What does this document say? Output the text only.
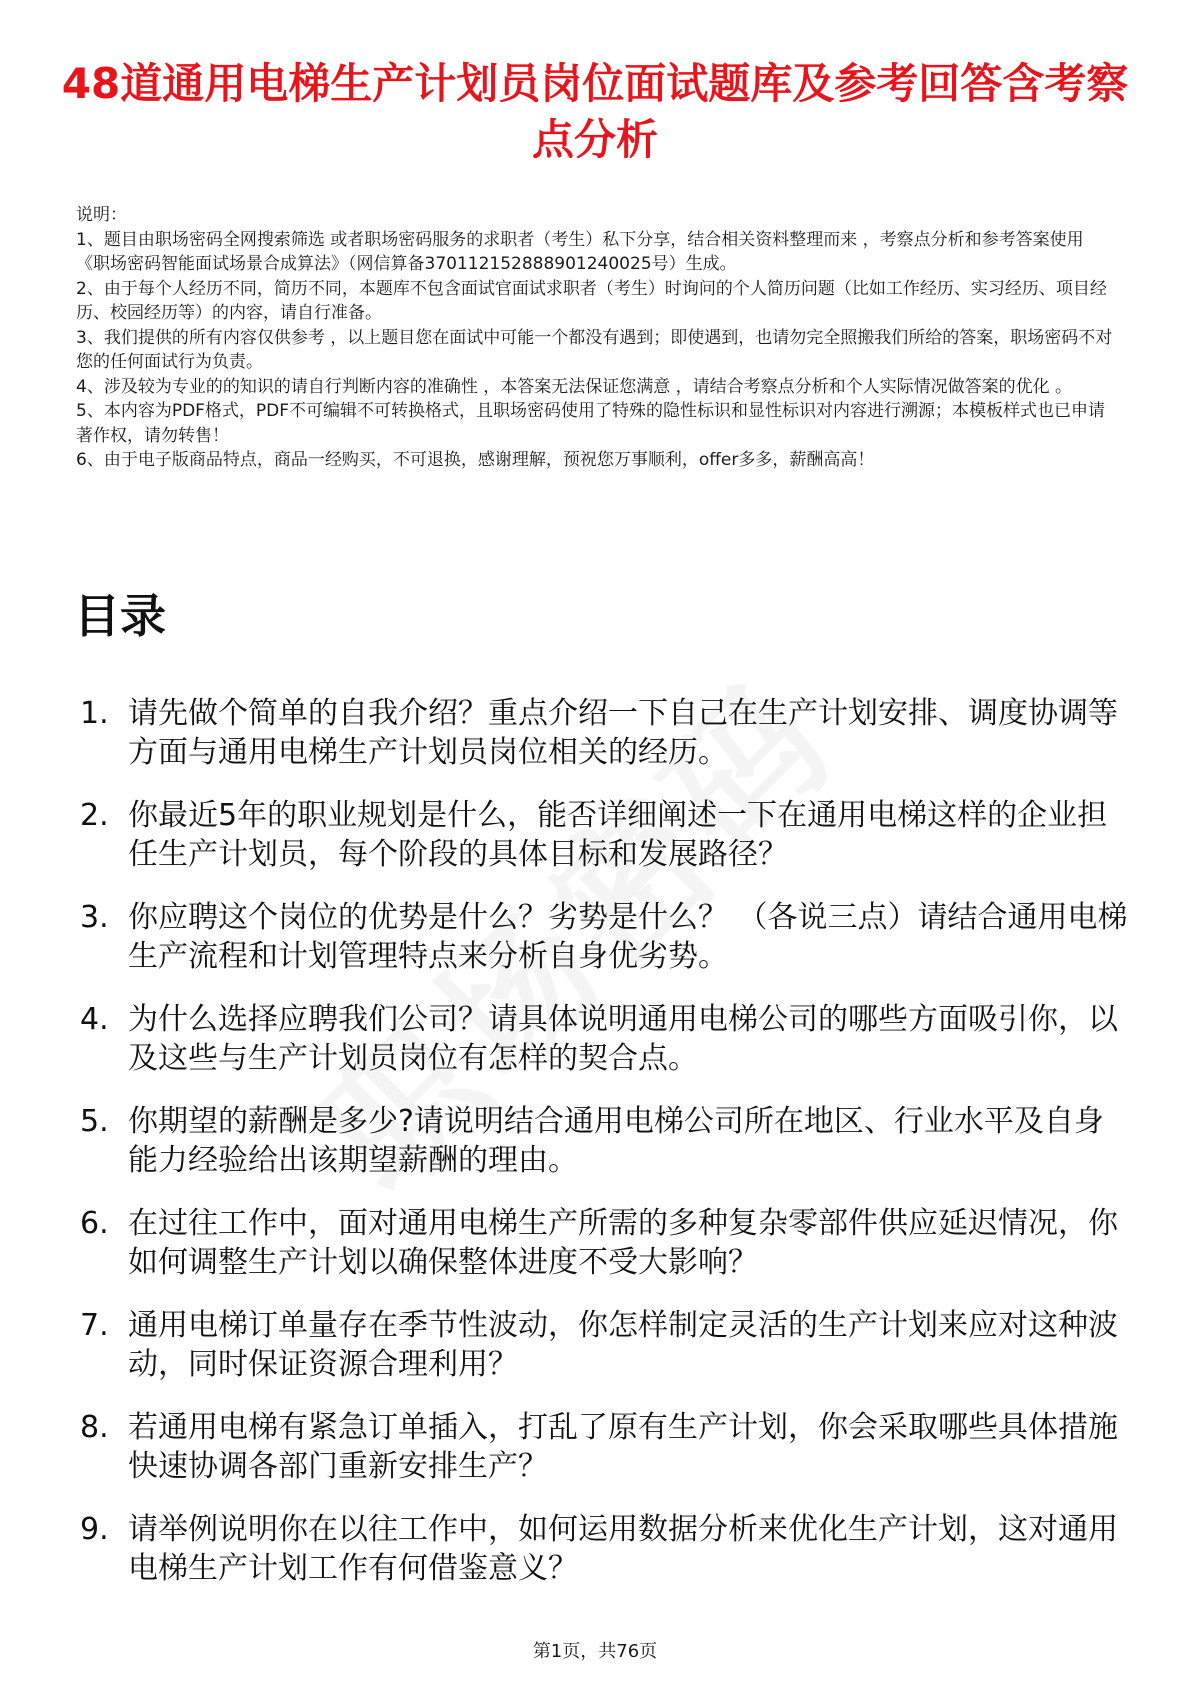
48道通用电梯生产计划员岗位面试题库及参考回答含考察点分析

说明：

1、题目由职场密码全网搜索筛选 或者职场密码服务的求职者（考生）私下分享，结合相关资料整理而来 ，考察点分析和参考答案使用《职场密码智能面试场景合成算法》（网信算备370112152888901240025号）生成。

2、由于每个人经历不同，简历不同，本题库不包含面试官面试求职者（考生）时询问的个人简历问题（比如工作经历、实习经历、项目经历、校园经历等）的内容，请自行准备。

3、我们提供的所有内容仅供参考 ，以上题目您在面试中可能一个都没有遇到；即使遇到，也请勿完全照搬我们所给的答案，职场密码不对您的任何面试行为负责。

4、涉及较为专业的的知识的请自行判断内容的准确性 ，本答案无法保证您满意 ，请结合考察点分析和个人实际情况做答案的优化 。

5、本内容为PDF格式，PDF不可编辑不可转换格式，且职场密码使用了特殊的隐性标识和显性标识对内容进行溯源；本模板样式也已申请著作权，请勿转售！

6、由于电子版商品特点，商品一经购买，不可退换，感谢理解，预祝您万事顺利，offer多多，薪酬高高！

目录
1. 请先做个简单的自我介绍？重点介绍一下自己在生产计划安排、调度协调等方面与通用电梯生产计划员岗位相关的经历。
2. 你最近5年的职业规划是什么，能否详细阐述一下在通用电梯这样的企业担任生产计划员，每个阶段的具体目标和发展路径？
3. 你应聘这个岗位的优势是什么？劣势是什么？ （各说三点）请结合通用电梯生产流程和计划管理特点来分析自身优劣势。
4. 为什么选择应聘我们公司？请具体说明通用电梯公司的哪些方面吸引你，以及这些与生产计划员岗位有怎样的契合点。
5. 你期望的薪酬是多少?请说明结合通用电梯公司所在地区、行业水平及自身能力经验给出该期望薪酬的理由。
6. 在过往工作中，面对通用电梯生产所需的多种复杂零部件供应延迟情况，你如何调整生产计划以确保整体进度不受大影响？
7. 通用电梯订单量存在季节性波动，你怎样制定灵活的生产计划来应对这种波动，同时保证资源合理利用？
8. 若通用电梯有紧急订单插入，打乱了原有生产计划，你会采取哪些具体措施快速协调各部门重新安排生产？
9. 请举例说明你在以往工作中，如何运用数据分析来优化生产计划，这对通用电梯生产计划工作有何借鉴意义？
第1页，共76页
